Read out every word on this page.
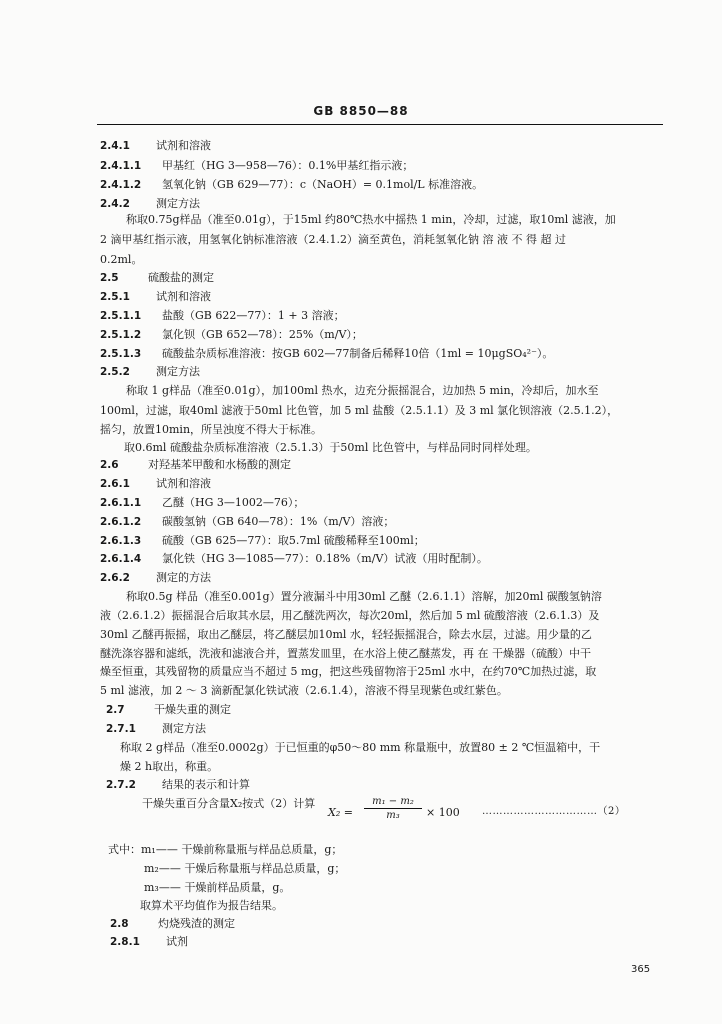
GB 8850—88
2.4.1 试剂和溶液
2.4.1.1 甲基红（HG 3—958—76）：0.1%甲基红指示液；
2.4.1.2 氢氧化钠（GB 629—77）：c（NaOH）= 0.1mol/L 标准溶液。
2.4.2 测定方法
称取0.75g样品（准至0.01g），于15ml 约80℃热水中摇热 1 min，冷却，过滤，取10ml 滤液，加
2 滴甲基红指示液，用氢氧化钠标准溶液（2.4.1.2）滴至黄色，消耗氢氧化钠 溶 液 不 得 超 过
0.2ml。
2.5	硫酸盐的测定
2.5.1 试剂和溶液
2.5.1.1 盐酸（GB 622—77）：1 + 3 溶液；
2.5.1.2 氯化钡（GB 652—78）：25%（m/V）；
2.5.1.3 硫酸盐杂质标准溶液：按GB 602—77制备后稀释10倍（1ml = 10μgSO₄²⁻）。
2.5.2 测定方法
称取 1 g样品（准至0.01g），加100ml 热水，边充分振摇混合，边加热 5 min，冷却后，加水至
100ml，过滤，取40ml 滤液于50ml 比色管，加 5 ml 盐酸（2.5.1.1）及 3 ml 氯化钡溶液（2.5.1.2），
摇匀，放置10min，所呈浊度不得大于标准。
取0.6ml 硫酸盐杂质标准溶液（2.5.1.3）于50ml 比色管中，与样品同时同样处理。
2.6	对羟基苯甲酸和水杨酸的测定
2.6.1 试剂和溶液
2.6.1.1 乙醚（HG 3—1002—76）；
2.6.1.2 碳酸氢钠（GB 640—78）：1%（m/V）溶液；
2.6.1.3 硫酸（GB 625—77）：取5.7ml 硫酸稀释至100ml；
2.6.1.4 氯化铁（HG 3—1085—77）：0.18%（m/V）试液（用时配制）。
2.6.2 测定的方法
称取0.5g 样品（准至0.001g）置分液漏斗中用30ml 乙醚（2.6.1.1）溶解，加20ml 碳酸氢钠溶
液（2.6.1.2）振摇混合后取其水层，用乙醚洗两次，每次20ml，然后加 5 ml 硫酸溶液（2.6.1.3）及
30ml 乙醚再振摇，取出乙醚层，将乙醚层加10ml 水，轻轻振摇混合，除去水层，过滤。用少量的乙
醚洗涤容器和滤纸，洗液和滤液合并，置蒸发皿里，在水浴上使乙醚蒸发，再 在 干燥器（硫酸）中干
燥至恒重，其残留物的质量应当不超过 5 mg，把这些残留物溶于25ml 水中，在约70℃加热过滤，取
5 ml 滤液，加 2 ～ 3 滴新配氯化铁试液（2.6.1.4），溶液不得呈现紫色或红紫色。
2.7	干燥失重的测定
2.7.1 测定方法
称取 2 g样品（准至0.0002g）于已恒重的φ50～80 mm 称量瓶中，放置80 ± 2 ℃恒温箱中，干
燥 2 h取出，称重。
2.7.2 结果的表示和计算
干燥失重百分含量X₂按式（2）计算
式中：m₁—— 干燥前称量瓶与样品总质量，g；
m₂—— 干燥后称量瓶与样品总质量，g；
m₃—— 干燥前样品质量，g。
取算术平均值作为报告结果。
2.8	灼烧残渣的测定
2.8.1 试剂
X₂ =
m₁ − m₂
m₃	× 100 ……………………………（2）
365
